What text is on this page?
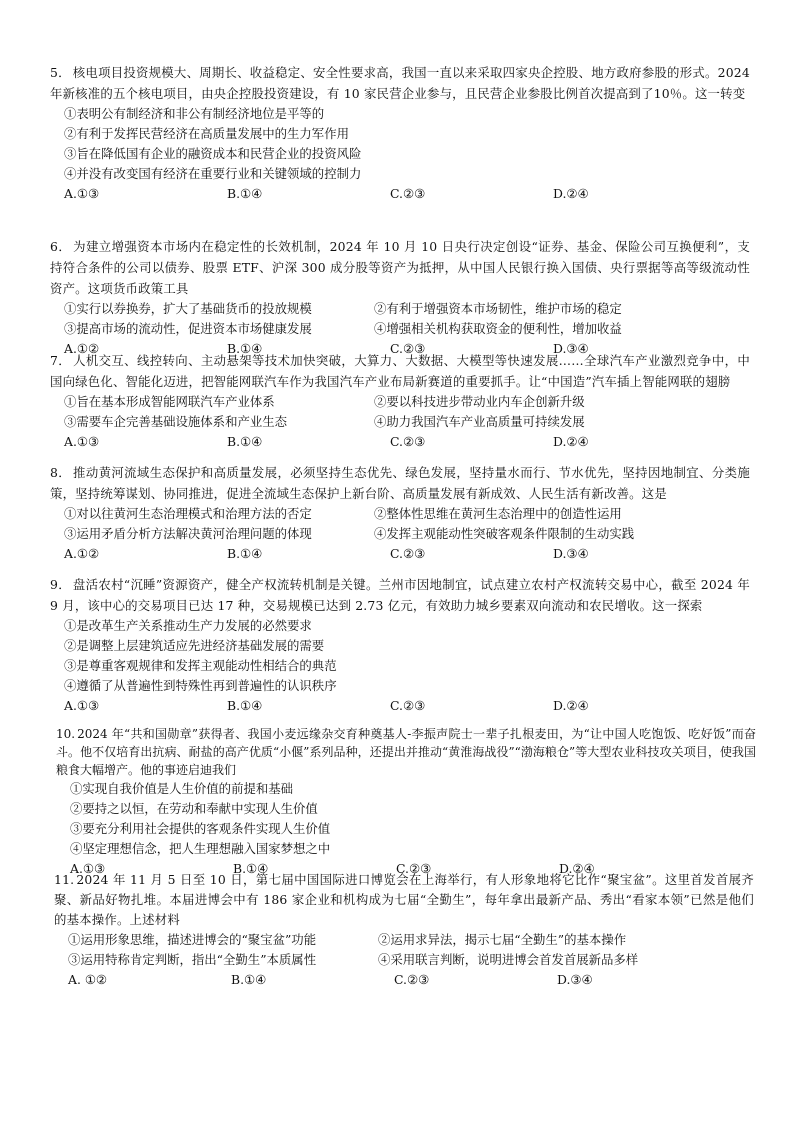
5． 核电项目投资规模大、周期长、收益稳定、安全性要求高，我国一直以来采取四家央企控股、地方政府参股的形式。2024 年新核准的五个核电项目，由央企控股投资建设，有 10 家民营企业参与，且民营企业参股比例首次提高到了10％。这一转变
①表明公有制经济和非公有制经济地位是平等的
②有利于发挥民营经济在高质量发展中的生力军作用
③旨在降低国有企业的融资成本和民营企业的投资风险
④并没有改变国有经济在重要行业和关键领域的控制力
A.①③	B.①④	C.②③	D.②④
6． 为建立增强资本市场内在稳定性的长效机制，2024 年 10 月 10 日央行决定创设“证券、基金、保险公司互换便利”，支持符合条件的公司以债券、股票 ETF、沪深 300 成分股等资产为抵押，从中国人民银行换入国债、央行票据等高等级流动性资产。这项货币政策工具
①实行以券换券，扩大了基础货币的投放规模	②有利于增强资本市场韧性，维护市场的稳定
③提高市场的流动性，促进资本市场健康发展	④增强相关机构获取资金的便利性，增加收益
A.①②	B.①④	C.②③	D.③④
7． 人机交互、线控转向、主动悬架等技术加快突破，大算力、大数据、大模型等快速发展……全球汽车产业激烈竞争中，中国向绿色化、智能化迈进，把智能网联汽车作为我国汽车产业布局新赛道的重要抓手。让“中国造”汽车插上智能网联的翅膀
①旨在基本形成智能网联汽车产业体系	②要以科技进步带动业内车企创新升级
③需要车企完善基础设施体系和产业生态	④助力我国汽车产业高质量可持续发展
A.①③	B.①④	C.②③	D.②④
8． 推动黄河流域生态保护和高质量发展，必须坚持生态优先、绿色发展，坚持量水而行、节水优先，坚持因地制宜、分类施策，坚持统筹谋划、协同推进，促进全流域生态保护上新台阶、高质量发展有新成效、人民生活有新改善。这是
①对以往黄河生态治理模式和治理方法的否定	②整体性思维在黄河生态治理中的创造性运用
③运用矛盾分析方法解决黄河治理问题的体现	④发挥主观能动性突破客观条件限制的生动实践
A.①②	B.①④	C.②③	D.③④
9． 盘活农村“沉睡”资源资产，健全产权流转机制是关键。兰州市因地制宜，试点建立农村产权流转交易中心，截至 2024 年 9 月，该中心的交易项目已达 17 种，交易规模已达到 2.73 亿元，有效助力城乡要素双向流动和农民增收。这一探索
①是改革生产关系推动生产力发展的必然要求
②是调整上层建筑适应先进经济基础发展的需要
③是尊重客观规律和发挥主观能动性相结合的典范
④遵循了从普遍性到特殊性再到普遍性的认识秩序
A.①③	B.①④	C.②③	D.②④
10. 2024 年“共和国勋章”获得者、我国小麦远缘杂交育种奠基人-李振声院士一辈子扎根麦田，为“让中国人吃饱饭、吃好饭”而奋斗。他不仅培育出抗病、耐盐的高产优质“小偃”系列品种，还提出并推动“黄淮海战役”“渤海粮仓”等大型农业科技攻关项目，使我国粮食大幅增产。他的事迹启迪我们
①实现自我价值是人生价值的前提和基础
②要持之以恒，在劳动和奉献中实现人生价值
③要充分利用社会提供的客观条件实现人生价值
④坚定理想信念，把人生理想融入国家梦想之中
A.①③	B.①④	C.②③	D.②④
11. 2024 年 11 月 5 日至 10 日，第七届中国国际进口博览会在上海举行，有人形象地将它比作“聚宝盆”。这里首发首展齐聚、新品好物扎堆。本届进博会中有 186 家企业和机构成为七届“全勤生”，每年拿出最新产品、秀出“看家本领”已然是他们的基本操作。上述材料
①运用形象思维，描述进博会的“聚宝盆”功能	②运用求异法，揭示七届“全勤生”的基本操作
③运用特称肯定判断，指出“全勤生”本质属性	④采用联言判断，说明进博会首发首展新品多样
A. ①②	B.①④	C.②③	D.③④
